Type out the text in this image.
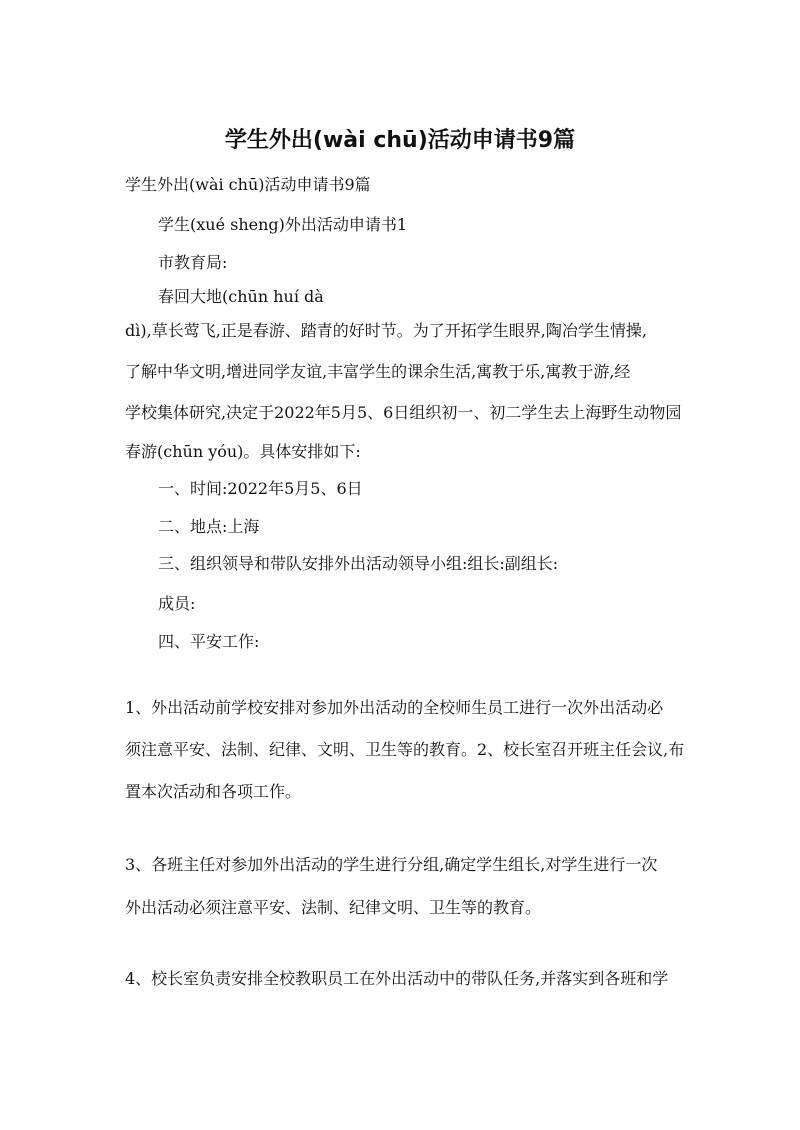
学生外出(wài chū)活动申请书9篇

学生外出(wài chū)活动申请书9篇

学生(xué sheng)外出活动申请书1

市教育局:

春回大地(chūn huí dà

dì),草长莺飞,正是春游、踏青的好时节。为了开拓学生眼界,陶冶学生情操,

了解中华文明,增进同学友谊,丰富学生的课余生活,寓教于乐,寓教于游,经

学校集体研究,决定于2022年5月5、6日组织初一、初二学生去上海野生动物园

春游(chūn yóu)。具体安排如下:

一、时间:2022年5月5、6日

二、地点:上海

三、组织领导和带队安排外出活动领导小组:组长:副组长:

成员:

四、平安工作:

1、外出活动前学校安排对参加外出活动的全校师生员工进行一次外出活动必

须注意平安、法制、纪律、文明、卫生等的教育。2、校长室召开班主任会议,布

置本次活动和各项工作。

3、各班主任对参加外出活动的学生进行分组,确定学生组长,对学生进行一次

外出活动必须注意平安、法制、纪律文明、卫生等的教育。

4、校长室负责安排全校教职员工在外出活动中的带队任务,并落实到各班和学
